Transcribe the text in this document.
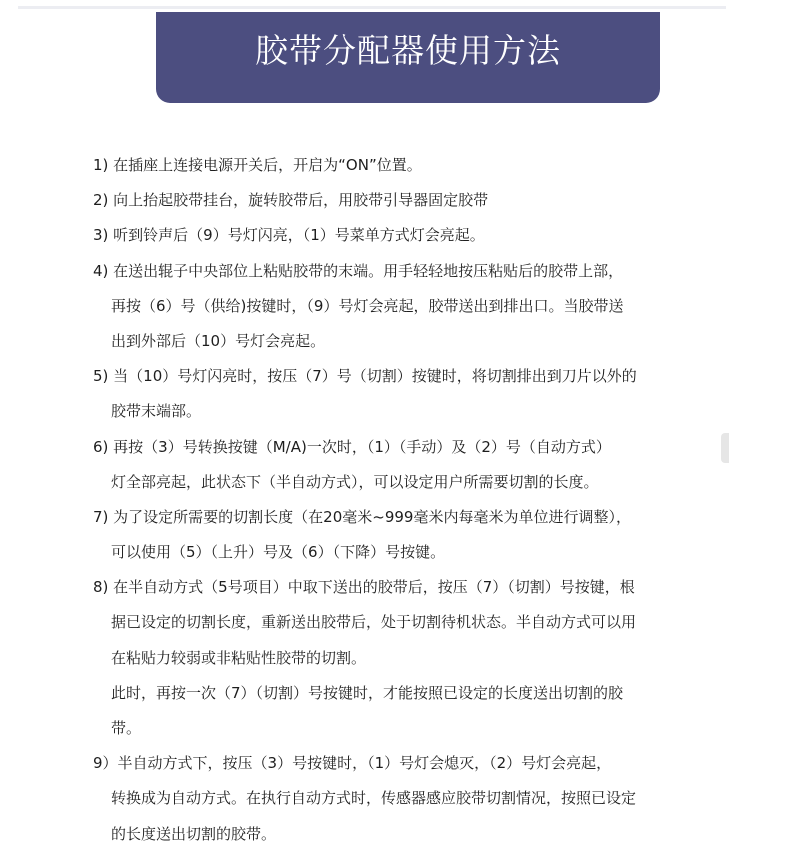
胶带分配器使用方法
1) 在插座上连接电源开关后，开启为“ON”位置。
2) 向上抬起胶带挂台，旋转胶带后，用胶带引导器固定胶带
3) 听到铃声后（9）号灯闪亮，（1）号菜单方式灯会亮起。
4) 在送出辊子中央部位上粘贴胶带的末端。用手轻轻地按压粘贴后的胶带上部，
再按（6）号（供给)按键时，（9）号灯会亮起，胶带送出到排出口。当胶带送
出到外部后（10）号灯会亮起。
5) 当（10）号灯闪亮时，按压（7）号（切割）按键时，将切割排出到刀片以外的
胶带末端部。
6) 再按（3）号转换按键（M/A)一次时，（1）（手动）及（2）号（自动方式）
灯全部亮起，此状态下（半自动方式），可以设定用户所需要切割的长度。
7) 为了设定所需要的切割长度（在20毫米~999毫米内每毫米为单位进行调整），
可以使用（5）（上升）号及（6）（下降）号按键。
8) 在半自动方式（5号项目）中取下送出的胶带后，按压（7）（切割）号按键，根
据已设定的切割长度，重新送出胶带后，处于切割待机状态。半自动方式可以用
在粘贴力较弱或非粘贴性胶带的切割。
此时，再按一次（7）（切割）号按键时，才能按照已设定的长度送出切割的胶
带。
9）半自动方式下，按压（3）号按键时，（1）号灯会熄灭，（2）号灯会亮起，
转换成为自动方式。在执行自动方式时，传感器感应胶带切割情况，按照已设定
的长度送出切割的胶带。
